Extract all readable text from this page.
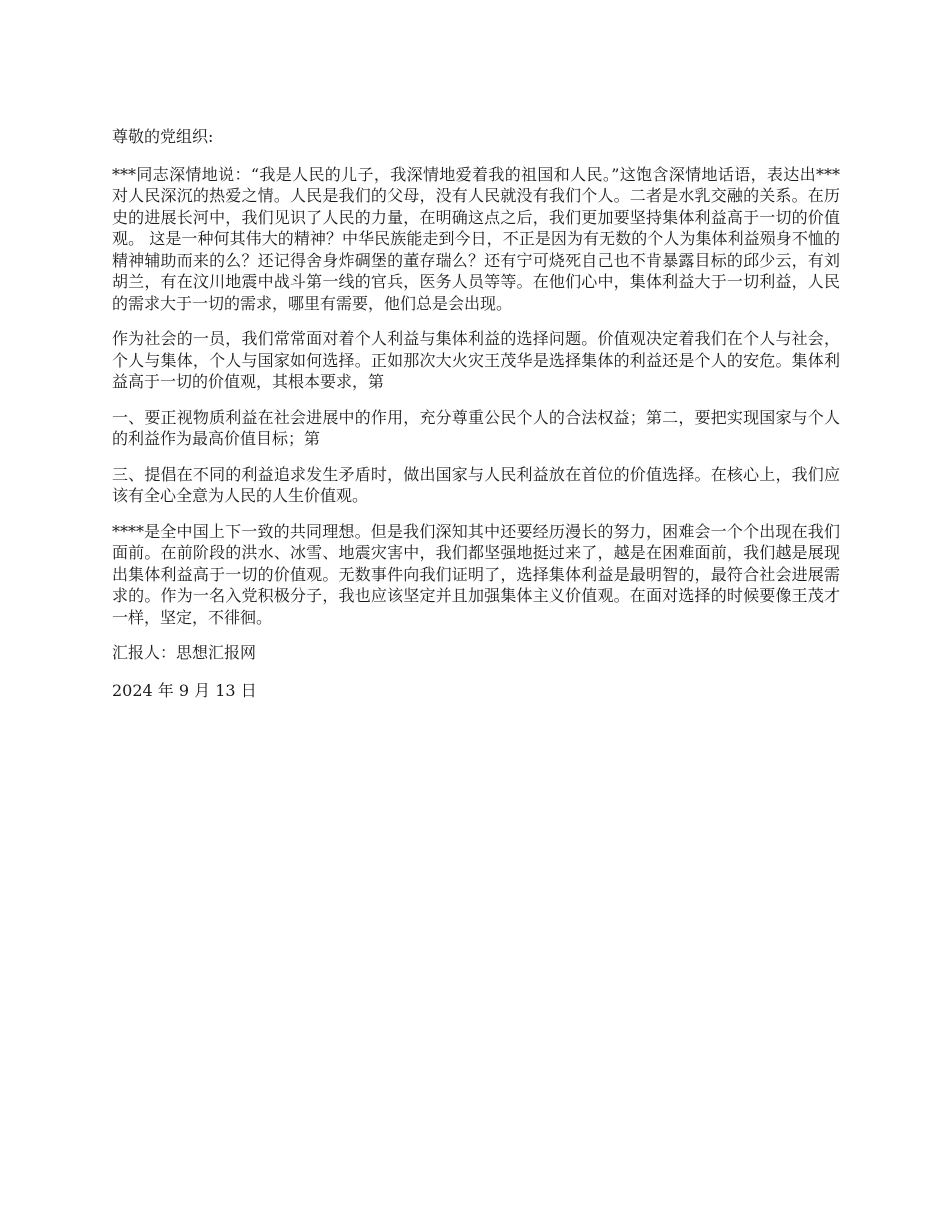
尊敬的党组织:

***同志深情地说：“我是人民的儿子，我深情地爱着我的祖国和人民。”这饱含深情地话语，表达出***对人民深沉的热爱之情。人民是我们的父母，没有人民就没有我们个人。二者是水乳交融的关系。在历史的进展长河中，我们见识了人民的力量，在明确这点之后，我们更加要坚持集体利益高于一切的价值观。 这是一种何其伟大的精神？中华民族能走到今日，不正是因为有无数的个人为集体利益殒身不恤的精神辅助而来的么？还记得舍身炸碉堡的董存瑞么？还有宁可烧死自己也不肯暴露目标的邱少云，有刘胡兰，有在汶川地震中战斗第一线的官兵，医务人员等等。在他们心中，集体利益大于一切利益，人民的需求大于一切的需求，哪里有需要，他们总是会出现。

作为社会的一员，我们常常面对着个人利益与集体利益的选择问题。价值观决定着我们在个人与社会，个人与集体，个人与国家如何选择。正如那次大火灾王茂华是选择集体的利益还是个人的安危。集体利益高于一切的价值观，其根本要求，第

一、要正视物质利益在社会进展中的作用，充分尊重公民个人的合法权益；第二，要把实现国家与个人的利益作为最高价值目标；第

三、提倡在不同的利益追求发生矛盾时，做出国家与人民利益放在首位的价值选择。在核心上，我们应该有全心全意为人民的人生价值观。

****是全中国上下一致的共同理想。但是我们深知其中还要经历漫长的努力，困难会一个个出现在我们面前。在前阶段的洪水、冰雪、地震灾害中，我们都坚强地挺过来了，越是在困难面前，我们越是展现出集体利益高于一切的价值观。无数事件向我们证明了，选择集体利益是最明智的，最符合社会进展需求的。作为一名入党积极分子，我也应该坚定并且加强集体主义价值观。在面对选择的时候要像王茂才一样，坚定，不徘徊。

汇报人：思想汇报网

2024 年 9 月 13 日
